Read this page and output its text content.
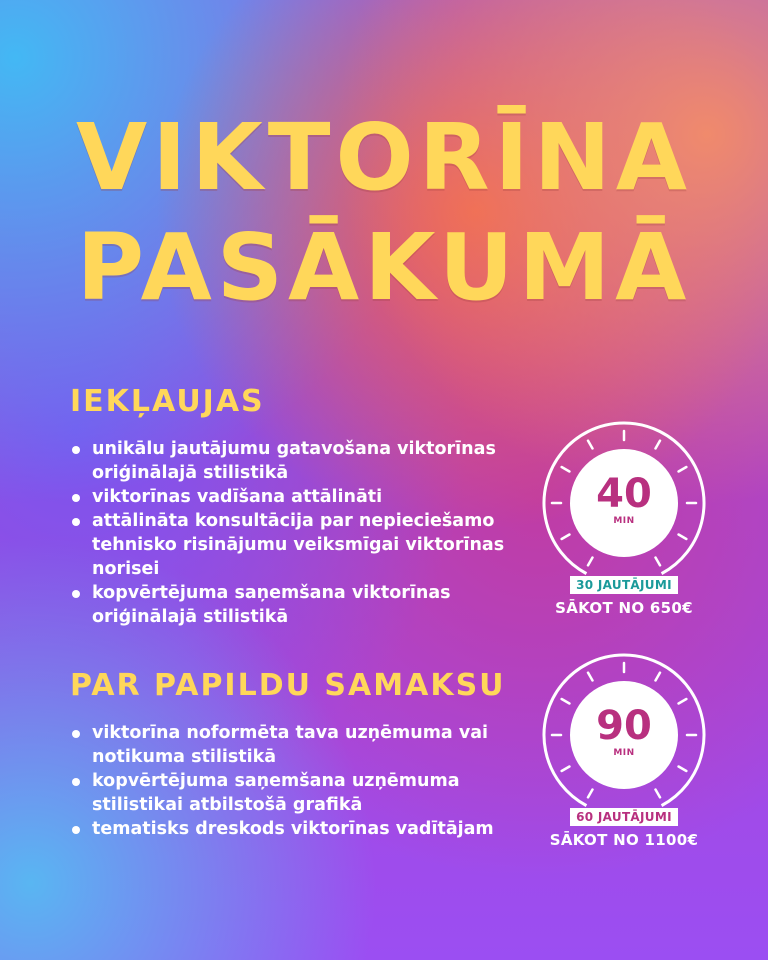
VIKTORĪNA
PASĀKUMĀ
IEKĻAUJAS
unikālu jautājumu gatavošana viktorīnas oriģinālajā stilistikā
viktorīnas vadīšana attālināti
attālināta konsultācija par nepieciešamo tehnisko risinājumu veiksmīgai viktorīnas norisei
kopvērtējuma saņemšana viktorīnas oriģinālajā stilistikā
PAR PAPILDU SAMAKSU
viktorīna noformēta tava uzņēmuma vai notikuma stilistikā
kopvērtējuma saņemšana uzņēmuma stilistikai atbilstošā grafikā
tematisks dreskods viktorīnas vadītājam
40
MIN
30 JAUTĀJUMI
SĀKOT NO 650€
90
MIN
60 JAUTĀJUMI
SĀKOT NO 1100€
